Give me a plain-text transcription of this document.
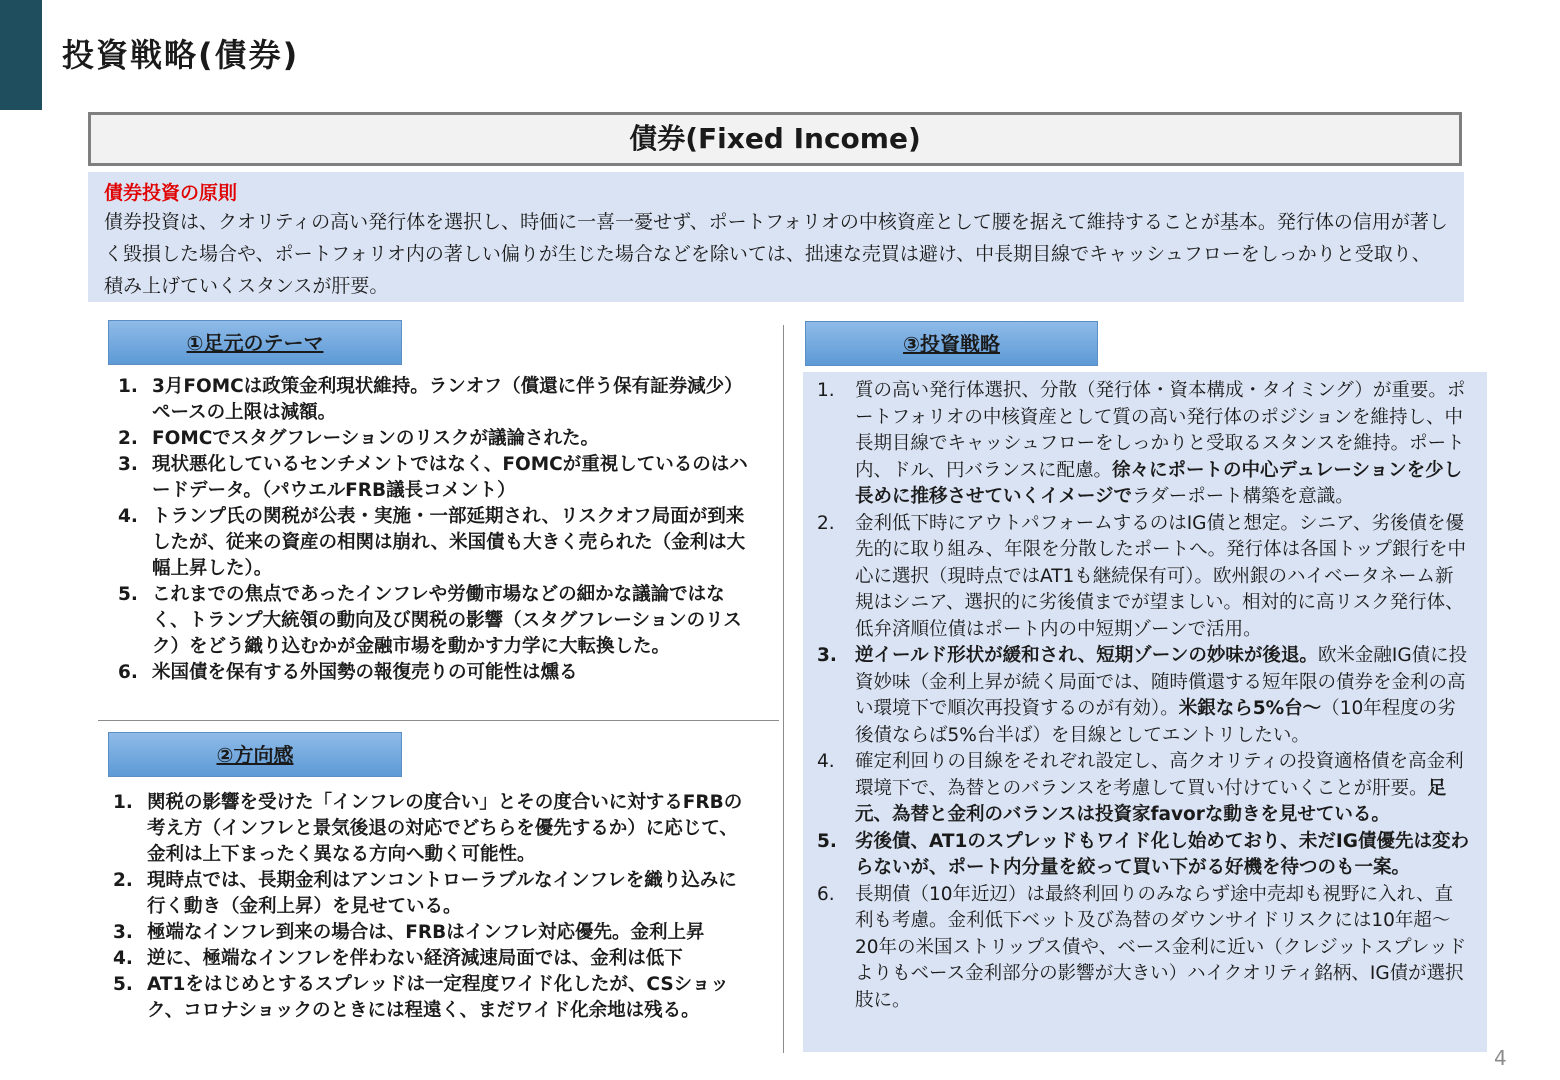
投資戦略(債券)
債券(Fixed Income)
債券投資の原則
債券投資は、クオリティの高い発行体を選択し、時価に一喜一憂せず、ポートフォリオの中核資産として腰を据えて維持することが基本。発行体の信用が著しく毀損した場合や、ポートフォリオ内の著しい偏りが生じた場合などを除いては、拙速な売買は避け、中長期目線でキャッシュフローをしっかりと受取り、積み上げていくスタンスが肝要。
①足元のテーマ
1. 3月FOMCは政策金利現状維持。ランオフ（償還に伴う保有証券減少）ペースの上限は減額。
2. FOMCでスタグフレーションのリスクが議論された。
3. 現状悪化しているセンチメントではなく、FOMCが重視しているのはハードデータ。（パウエルFRB議長コメント）
4. トランプ氏の関税が公表・実施・一部延期され、リスクオフ局面が到来したが、従来の資産の相関は崩れ、米国債も大きく売られた（金利は大幅上昇した）。
5. これまでの焦点であったインフレや労働市場などの細かな議論ではなく、トランプ大統領の動向及び関税の影響（スタグフレーションのリスク）をどう織り込むかが金融市場を動かす力学に大転換した。
6. 米国債を保有する外国勢の報復売りの可能性は燻る
②方向感
1. 関税の影響を受けた「インフレの度合い」とその度合いに対するFRBの考え方（インフレと景気後退の対応でどちらを優先するか）に応じて、金利は上下まったく異なる方向へ動く可能性。
2. 現時点では、長期金利はアンコントローラブルなインフレを織り込みに行く動き（金利上昇）を見せている。
3. 極端なインフレ到来の場合は、FRBはインフレ対応優先。金利上昇
4. 逆に、極端なインフレを伴わない経済減速局面では、金利は低下
5. AT1をはじめとするスプレッドは一定程度ワイド化したが、CSショック、コロナショックのときには程遠く、まだワイド化余地は残る。
③投資戦略
1.	質の高い発行体選択、分散（発行体・資本構成・タイミング）が重要。ポートフォリオの中核資産として質の高い発行体のポジションを維持し、中長期目線でキャッシュフローをしっかりと受取るスタンスを維持。ポート内、ドル、円バランスに配慮。徐々にポートの中心デュレーションを少し長めに推移させていくイメージでラダーポート構築を意識。
2.	金利低下時にアウトパフォームするのはIG債と想定。シニア、劣後債を優先的に取り組み、年限を分散したポートへ。発行体は各国トップ銀行を中心に選択（現時点ではAT1も継続保有可）。欧州銀のハイベータネーム新規はシニア、選択的に劣後債までが望ましい。相対的に高リスク発行体、低弁済順位債はポート内の中短期ゾーンで活用。
3. 逆イールド形状が緩和され、短期ゾーンの妙味が後退。欧米金融IG債に投資妙味（金利上昇が続く局面では、随時償還する短年限の債券を金利の高い環境下で順次再投資するのが有効）。米銀なら5%台～（10年程度の劣後債ならば5%台半ば）を目線としてエントリしたい。
4.	確定利回りの目線をそれぞれ設定し、高クオリティの投資適格債を高金利環境下で、為替とのバランスを考慮して買い付けていくことが肝要。足元、為替と金利のバランスは投資家favorな動きを見せている。
5. 劣後債、AT1のスプレッドもワイド化し始めており、未だIG債優先は変わらないが、ポート内分量を絞って買い下がる好機を待つのも一案。
6.	長期債（10年近辺）は最終利回りのみならず途中売却も視野に入れ、直利も考慮。金利低下ベット及び為替のダウンサイドリスクには10年超～20年の米国ストリップス債や、ベース金利に近い（クレジットスプレッドよりもベース金利部分の影響が大きい）ハイクオリティ銘柄、IG債が選択肢に。
4
